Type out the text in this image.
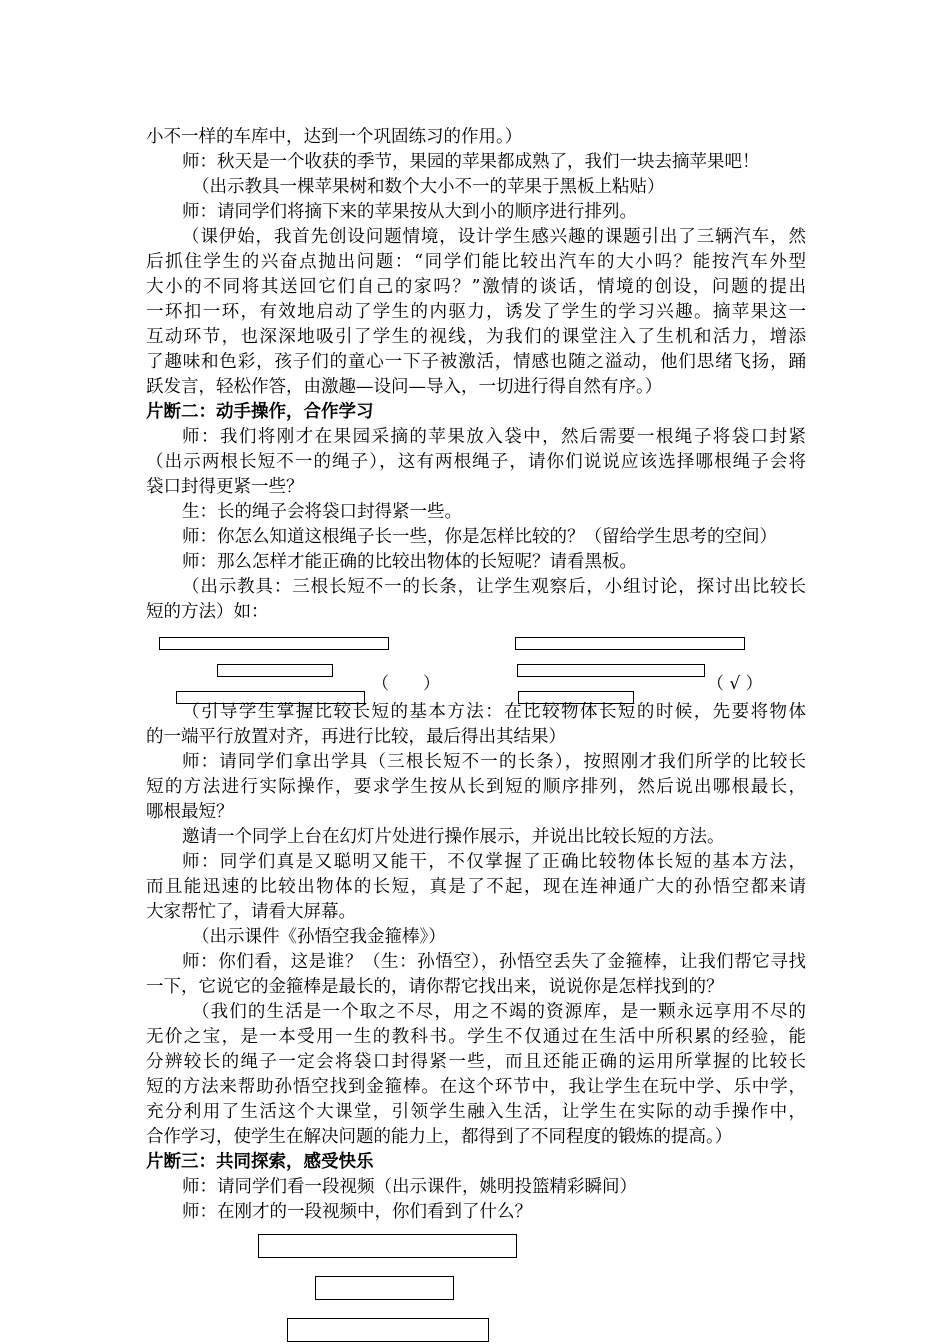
小不一样的车库中，达到一个巩固练习的作用。）
师：秋天是一个收获的季节，果园的苹果都成熟了，我们一块去摘苹果吧！
（出示教具一棵苹果树和数个大小不一的苹果于黑板上粘贴）
师：请同学们将摘下来的苹果按从大到小的顺序进行排列。
（课伊始，我首先创设问题情境，设计学生感兴趣的课题引出了三辆汽车，然
后抓住学生的兴奋点抛出问题：“同学们能比较出汽车的大小吗？能按汽车外型
大小的不同将其送回它们自己的家吗？”激情的谈话，情境的创设，问题的提出
一环扣一环，有效地启动了学生的内驱力，诱发了学生的学习兴趣。摘苹果这一
互动环节，也深深地吸引了学生的视线，为我们的课堂注入了生机和活力，增添
了趣味和色彩，孩子们的童心一下子被激活，情感也随之溢动，他们思绪飞扬，踊
跃发言，轻松作答，由激趣—设问—导入，一切进行得自然有序。）
片断二：动手操作，合作学习
师：我们将刚才在果园采摘的苹果放入袋中，然后需要一根绳子将袋口封紧
（出示两根长短不一的绳子），这有两根绳子，请你们说说应该选择哪根绳子会将
袋口封得更紧一些？
生：长的绳子会将袋口封得紧一些。
师：你怎么知道这根绳子长一些，你是怎样比较的？（留给学生思考的空间）
师：那么怎样才能正确的比较出物体的长短呢？请看黑板。
（出示教具：三根长短不一的长条，让学生观察后，小组讨论，探讨出比较长
短的方法）如：
（　　）	（ √ ）
（引导学生掌握比较长短的基本方法：在比较物体长短的时候，先要将物体
的一端平行放置对齐，再进行比较，最后得出其结果）
师：请同学们拿出学具（三根长短不一的长条），按照刚才我们所学的比较长
短的方法进行实际操作，要求学生按从长到短的顺序排列，然后说出哪根最长，
哪根最短？
邀请一个同学上台在幻灯片处进行操作展示，并说出比较长短的方法。
师：同学们真是又聪明又能干，不仅掌握了正确比较物体长短的基本方法，
而且能迅速的比较出物体的长短，真是了不起，现在连神通广大的孙悟空都来请
大家帮忙了，请看大屏幕。
（出示课件《孙悟空我金箍棒》）
师：你们看，这是谁？（生：孙悟空），孙悟空丢失了金箍棒，让我们帮它寻找
一下，它说它的金箍棒是最长的，请你帮它找出来，说说你是怎样找到的？
（我们的生活是一个取之不尽，用之不竭的资源库，是一颗永远享用不尽的
无价之宝，是一本受用一生的教科书。学生不仅通过在生活中所积累的经验，能
分辨较长的绳子一定会将袋口封得紧一些，而且还能正确的运用所掌握的比较长
短的方法来帮助孙悟空找到金箍棒。在这个环节中，我让学生在玩中学、乐中学，
充分利用了生活这个大课堂，引领学生融入生活，让学生在实际的动手操作中，
合作学习，使学生在解决问题的能力上，都得到了不同程度的锻炼的提高。）
片断三：共同探索，感受快乐
师：请同学们看一段视频（出示课件，姚明投篮精彩瞬间）
师：在刚才的一段视频中，你们看到了什么？
